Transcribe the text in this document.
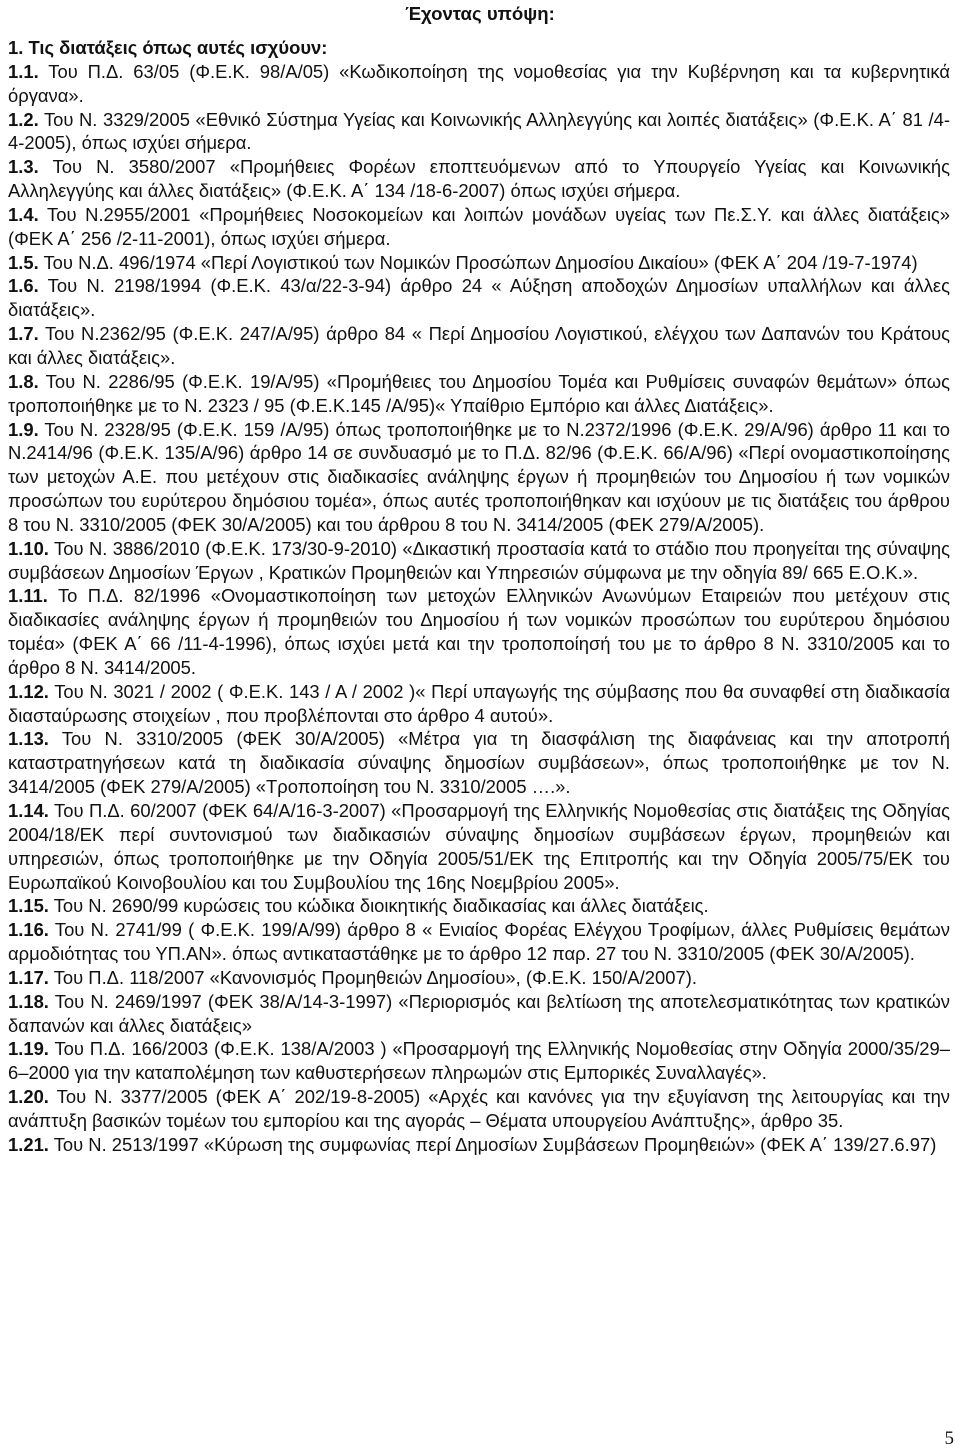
Έχοντας υπόψη:

1. Τις διατάξεις όπως αυτές ισχύουν:

1.1. Του Π.Δ. 63/05 (Φ.Ε.Κ. 98/Α/05) «Κωδικοποίηση της νομοθεσίας για την Κυβέρνηση και τα κυβερνητικά όργανα».

1.2. Του Ν. 3329/2005 «Εθνικό Σύστημα Υγείας και Κοινωνικής Αλληλεγγύης και λοιπές διατάξεις» (Φ.Ε.Κ. Α΄ 81 /4-4-2005), όπως ισχύει σήμερα.

1.3. Του Ν. 3580/2007 «Προμήθειες Φορέων εποπτευόμενων από το Υπουργείο Υγείας και Κοινωνικής Αλληλεγγύης και άλλες διατάξεις» (Φ.Ε.Κ. Α΄ 134 /18-6-2007) όπως ισχύει σήμερα.

1.4. Του Ν.2955/2001 «Προμήθειες Νοσοκομείων και λοιπών μονάδων υγείας των Πε.Σ.Υ. και άλλες διατάξεις» (ΦΕΚ Α΄ 256 /2-11-2001), όπως ισχύει σήμερα.

1.5. Του Ν.Δ. 496/1974 «Περί Λογιστικού των Νομικών Προσώπων Δημοσίου Δικαίου» (ΦΕΚ Α΄ 204 /19-7-1974)

1.6. Του Ν. 2198/1994 (Φ.Ε.Κ. 43/α/22-3-94) άρθρο 24 « Αύξηση αποδοχών Δημοσίων υπαλλήλων και άλλες διατάξεις».

1.7. Του Ν.2362/95 (Φ.Ε.Κ. 247/Α/95) άρθρο 84 « Περί Δημοσίου Λογιστικού, ελέγχου των Δαπανών του Κράτους και άλλες διατάξεις».

1.8. Του Ν. 2286/95 (Φ.Ε.Κ. 19/Α/95) «Προμήθειες του Δημοσίου Τομέα και Ρυθμίσεις συναφών θεμάτων» όπως τροποποιήθηκε με το Ν. 2323 / 95 (Φ.Ε.Κ.145 /Α/95)« Υπαίθριο Εμπόριο και άλλες Διατάξεις».

1.9. Του Ν. 2328/95 (Φ.Ε.Κ. 159 /Α/95) όπως τροποποιήθηκε με το Ν.2372/1996 (Φ.Ε.Κ. 29/Α/96) άρθρο 11 και το Ν.2414/96 (Φ.Ε.Κ. 135/Α/96) άρθρο 14 σε συνδυασμό με το Π.Δ. 82/96 (Φ.Ε.Κ. 66/Α/96) «Περί ονομαστικοποίησης των μετοχών Α.Ε. που μετέχουν στις διαδικασίες ανάληψης έργων ή προμηθειών του Δημοσίου ή των νομικών προσώπων του ευρύτερου δημόσιου τομέα», όπως αυτές τροποποιήθηκαν και ισχύουν με τις διατάξεις του άρθρου 8 του Ν. 3310/2005 (ΦΕΚ 30/Α/2005) και του άρθρου 8 του Ν. 3414/2005 (ΦΕΚ 279/Α/2005).

1.10. Του Ν. 3886/2010 (Φ.Ε.Κ. 173/30-9-2010) «Δικαστική προστασία κατά το στάδιο που προηγείται της σύναψης συμβάσεων Δημοσίων Έργων , Κρατικών Προμηθειών και Υπηρεσιών σύμφωνα με την οδηγία 89/ 665 Ε.Ο.Κ.».

1.11. Το Π.Δ. 82/1996 «Ονομαστικοποίηση των μετοχών Ελληνικών Ανωνύμων Εταιρειών που μετέχουν στις διαδικασίες ανάληψης έργων ή προμηθειών του Δημοσίου ή των νομικών προσώπων του ευρύτερου δημόσιου τομέα» (ΦΕΚ Α΄ 66 /11-4-1996), όπως ισχύει μετά και την τροποποίησή του με το άρθρο 8 Ν. 3310/2005 και το άρθρο 8 Ν. 3414/2005.

1.12. Του Ν. 3021 / 2002 ( Φ.Ε.Κ. 143 / Α / 2002 )« Περί υπαγωγής της σύμβασης που θα συναφθεί στη διαδικασία διασταύρωσης στοιχείων , που προβλέπονται στο άρθρο 4 αυτού».

1.13. Του Ν. 3310/2005 (ΦΕΚ 30/Α/2005) «Μέτρα για τη διασφάλιση της διαφάνειας και την αποτροπή καταστρατηγήσεων κατά τη διαδικασία σύναψης δημοσίων συμβάσεων», όπως τροποποιήθηκε με τον Ν. 3414/2005 (ΦΕΚ 279/Α/2005) «Τροποποίηση του Ν. 3310/2005 ….».

1.14. Του Π.Δ. 60/2007 (ΦΕΚ 64/Α/16-3-2007) «Προσαρμογή της Ελληνικής Νομοθεσίας στις διατάξεις της Οδηγίας 2004/18/ΕΚ περί συντονισμού των διαδικασιών σύναψης δημοσίων συμβάσεων έργων, προμηθειών και υπηρεσιών, όπως τροποποιήθηκε με την Οδηγία 2005/51/ΕΚ της Επιτροπής και την Οδηγία 2005/75/ΕΚ του Ευρωπαϊκού Κοινοβουλίου και του Συμβουλίου της 16ης Νοεμβρίου 2005».

1.15. Του Ν. 2690/99 κυρώσεις του κώδικα διοικητικής διαδικασίας και άλλες διατάξεις.

1.16. Του Ν. 2741/99 ( Φ.Ε.Κ. 199/Α/99) άρθρο 8 « Ενιαίος Φορέας Ελέγχου Τροφίμων, άλλες Ρυθμίσεις θεμάτων αρμοδιότητας του ΥΠ.ΑΝ». όπως αντικαταστάθηκε με το άρθρο 12 παρ. 27 του Ν. 3310/2005 (ΦΕΚ 30/Α/2005).

1.17. Του Π.Δ. 118/2007 «Κανονισμός Προμηθειών Δημοσίου», (Φ.Ε.Κ. 150/Α/2007).

1.18. Του Ν. 2469/1997 (ΦΕΚ 38/Α/14-3-1997) «Περιορισμός και βελτίωση της αποτελεσματικότητας των κρατικών δαπανών και άλλες διατάξεις»

1.19. Του Π.Δ. 166/2003 (Φ.Ε.Κ. 138/Α/2003 ) «Προσαρμογή της Ελληνικής Νομοθεσίας στην Οδηγία 2000/35/29–6–2000 για την καταπολέμηση των καθυστερήσεων πληρωμών στις Εμπορικές Συναλλαγές».

1.20. Του Ν. 3377/2005 (ΦΕΚ Α΄ 202/19-8-2005) «Αρχές και κανόνες για την εξυγίανση της λειτουργίας και την ανάπτυξη βασικών τομέων του εμπορίου και της αγοράς – Θέματα υπουργείου Ανάπτυξης», άρθρο 35.

1.21. Του Ν. 2513/1997 «Κύρωση της συμφωνίας περί Δημοσίων Συμβάσεων Προμηθειών» (ΦΕΚ Α΄ 139/27.6.97)

5
